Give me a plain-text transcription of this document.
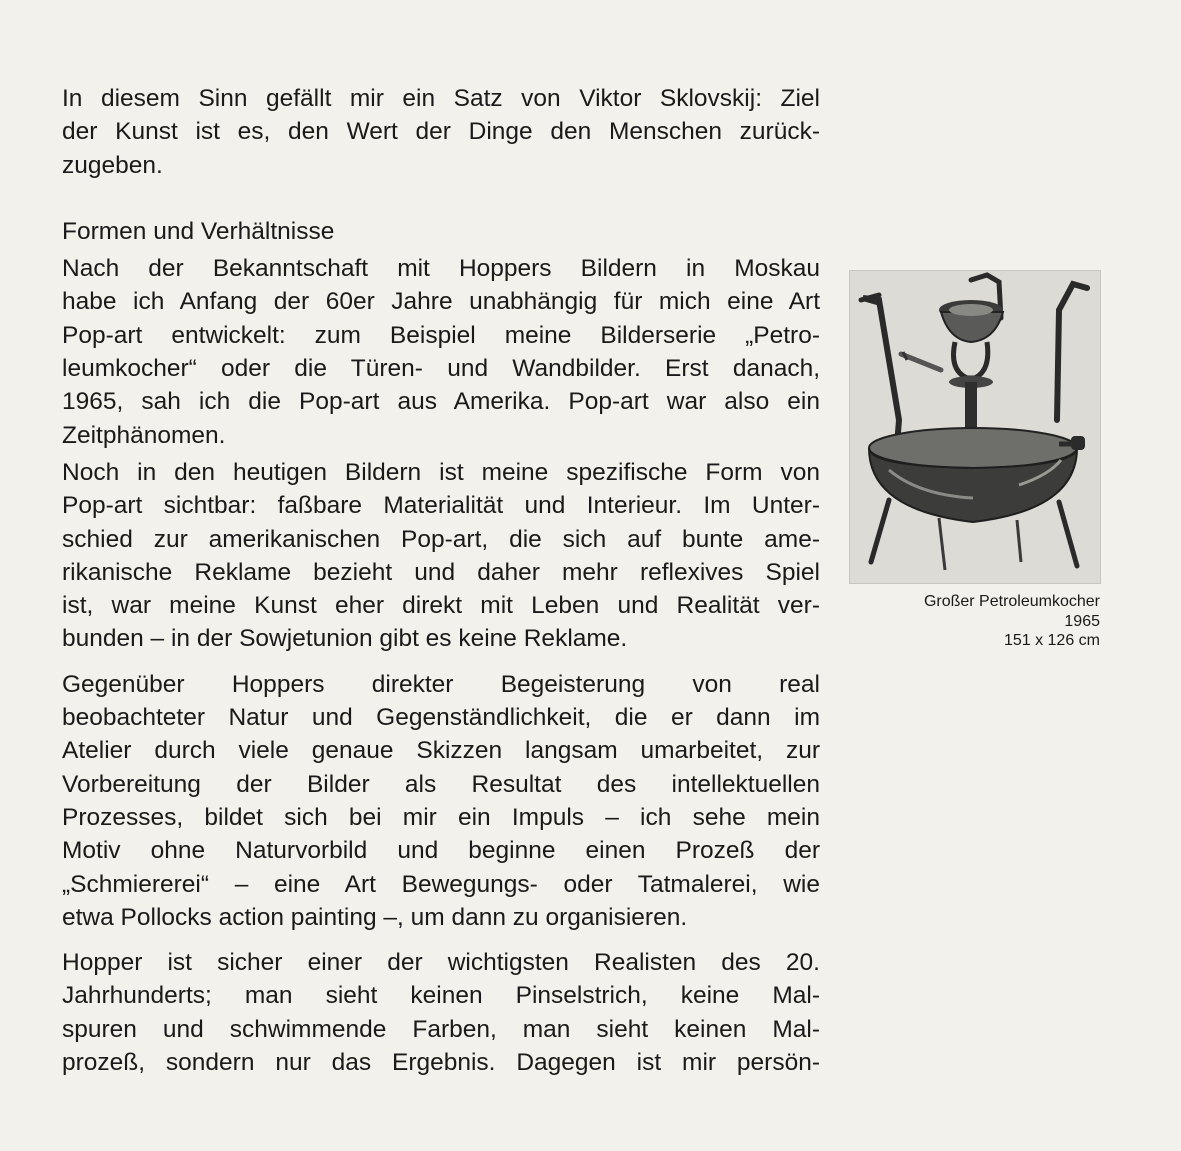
In diesem Sinn gefällt mir ein Satz von Viktor Sklovskij: Ziel
der Kunst ist es, den Wert der Dinge den Menschen zurück-
zugeben.

Formen und Verhältnisse

Nach der Bekanntschaft mit Hoppers Bildern in Moskau
habe ich Anfang der 60er Jahre unabhängig für mich eine Art
Pop-art entwickelt: zum Beispiel meine Bilderserie „Petro-
leumkocher“ oder die Türen- und Wandbilder. Erst danach,
1965, sah ich die Pop-art aus Amerika. Pop-art war also ein
Zeitphänomen.

Noch in den heutigen Bildern ist meine spezifische Form von
Pop-art sichtbar: faßbare Materialität und Interieur. Im Unter-
schied zur amerikanischen Pop-art, die sich auf bunte ame-
rikanische Reklame bezieht und daher mehr reflexives Spiel
ist, war meine Kunst eher direkt mit Leben und Realität ver-
bunden – in der Sowjetunion gibt es keine Reklame.

Gegenüber Hoppers direkter Begeisterung von real
beobachteter Natur und Gegenständlichkeit, die er dann im
Atelier durch viele genaue Skizzen langsam umarbeitet, zur
Vorbereitung der Bilder als Resultat des intellektuellen
Prozesses, bildet sich bei mir ein Impuls – ich sehe mein
Motiv ohne Naturvorbild und beginne einen Prozeß der
„Schmiererei“ – eine Art Bewegungs- oder Tatmalerei, wie
etwa Pollocks action painting –, um dann zu organisieren.

Hopper ist sicher einer der wichtigsten Realisten des 20.
Jahrhunderts; man sieht keinen Pinselstrich, keine Mal-
spuren und schwimmende Farben, man sieht keinen Mal-
prozeß, sondern nur das Ergebnis. Dagegen ist mir persön-

Großer Petroleumkocher
1965
151 x 126 cm
